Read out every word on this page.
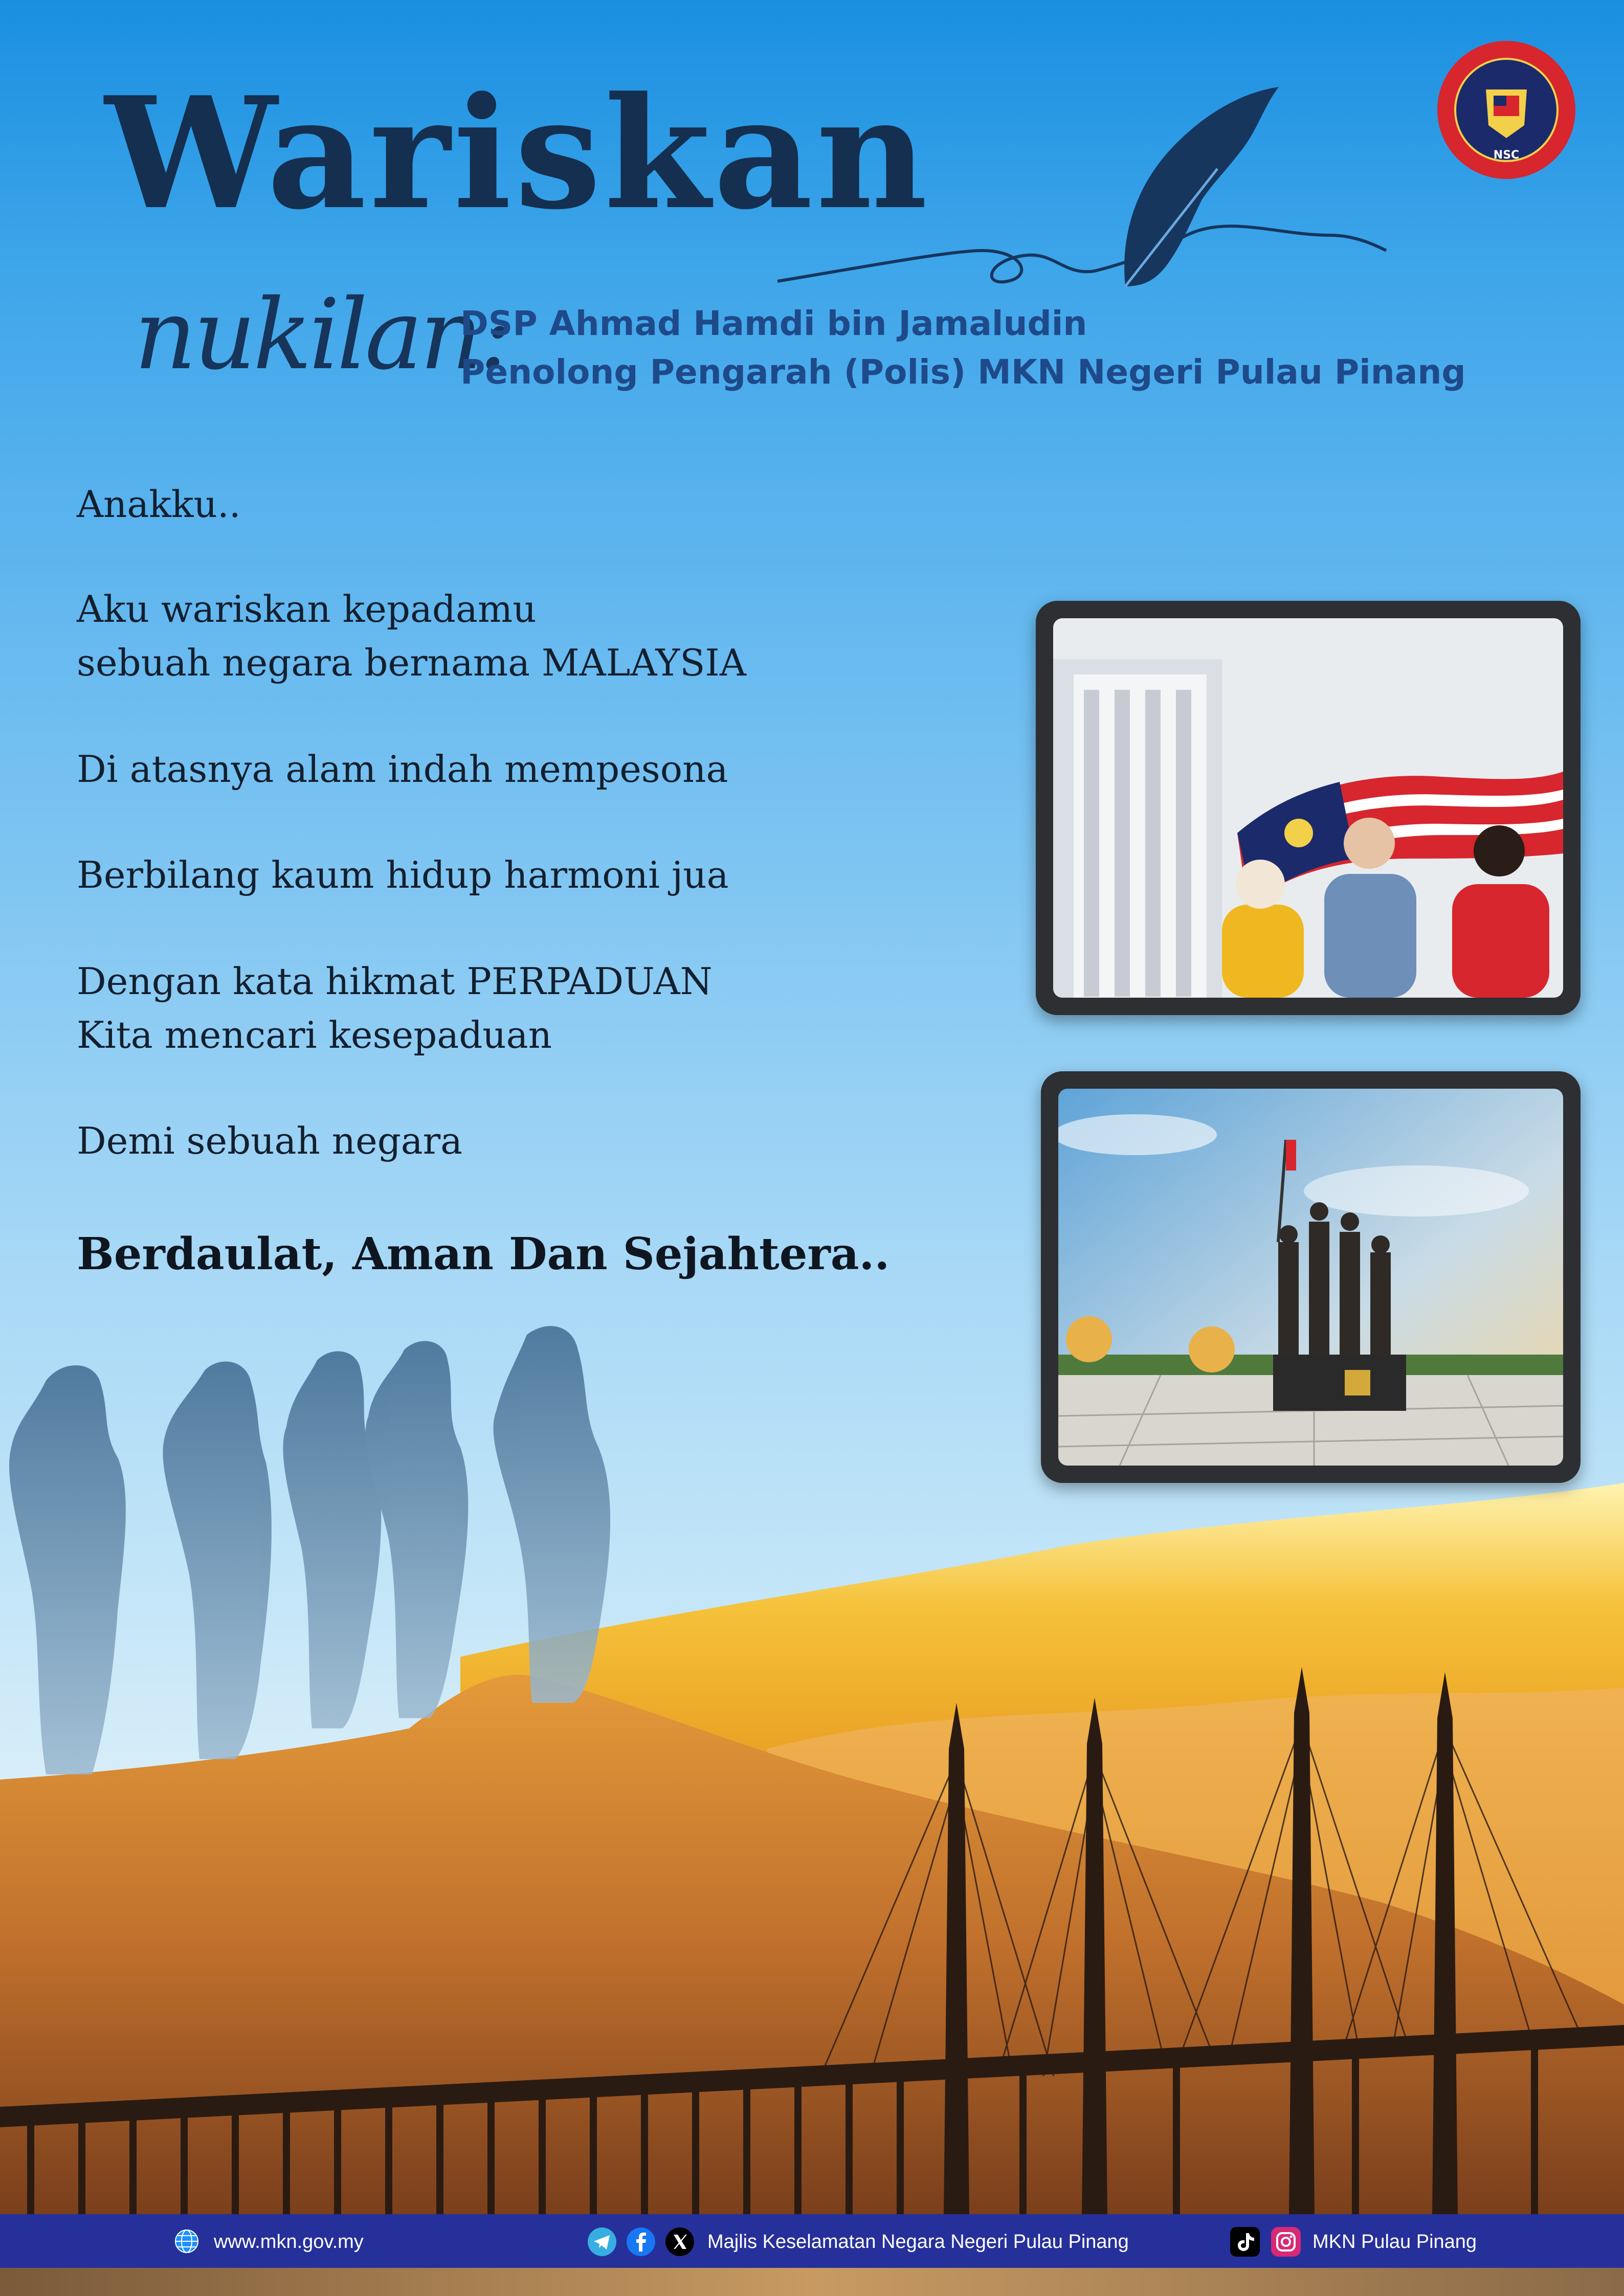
Wariskan
nukilan:
DSP Ahmad Hamdi bin Jamaludin
Penolong Pengarah (Polis) MKN Negeri Pulau Pinang
NSC
Anakku..
Aku wariskan kepadamu
sebuah negara bernama MALAYSIA
Di atasnya alam indah mempesona
Berbilang kaum hidup harmoni jua
Dengan kata hikmat PERPADUAN
Kita mencari kesepaduan
Demi sebuah negara
Berdaulat, Aman Dan Sejahtera..
www.mkn.gov.my	Majlis Keselamatan Negara Negeri Pulau Pinang	MKN Pulau Pinang
